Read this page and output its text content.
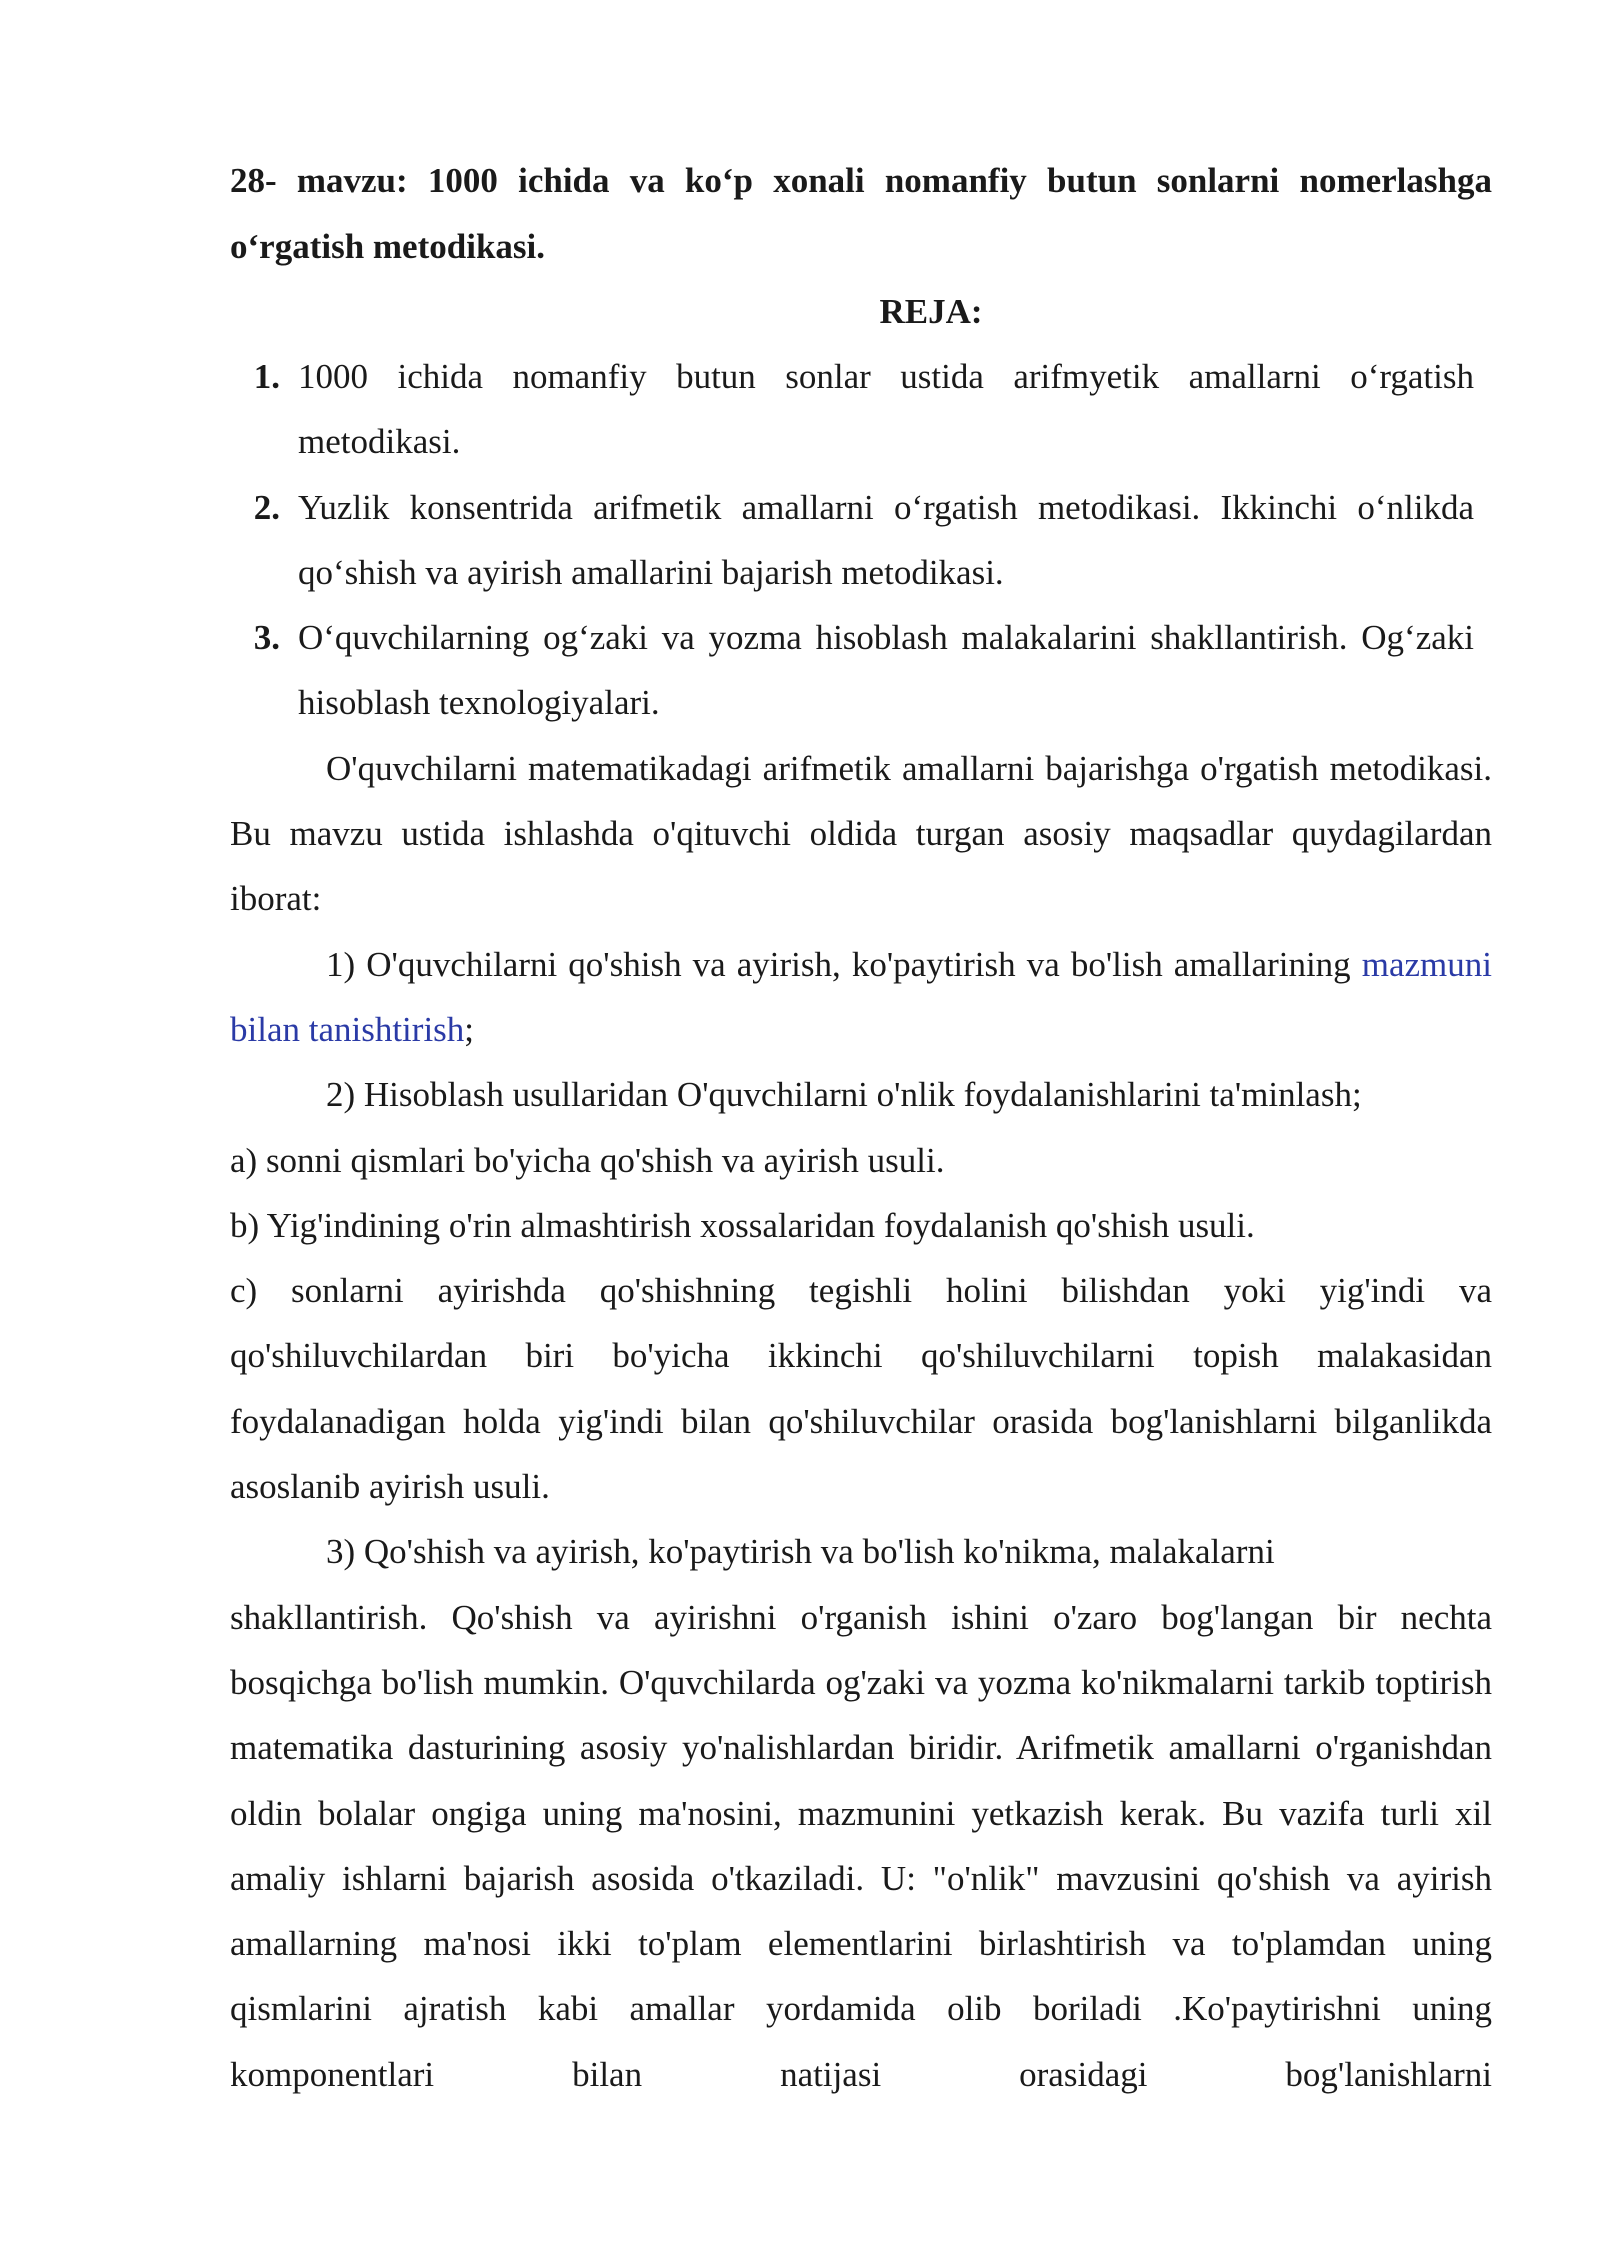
28- mavzu: 1000 ichida va ko‘p xonali nomanfiy butun sonlarni nomerlashga o‘rgatish metodikasi.

REJA:

1. 1000 ichida nomanfiy butun sonlar ustida arifmyetik amallarni o‘rgatish metodikasi.
2. Yuzlik konsentrida arifmetik amallarni o‘rgatish metodikasi. Ikkinchi o‘nlikda qo‘shish va ayirish amallarini bajarish metodikasi.
3. O‘quvchilarning og‘zaki va yozma hisoblash malakalarini shakllantirish. Og‘zaki hisoblash texnologiyalari.

O'quvchilarni matematikadagi arifmetik amallarni bajarishga o'rgatish metodikasi. Bu mavzu ustida ishlashda o'qituvchi oldida turgan asosiy maqsadlar quydagilardan iborat:

1) O'quvchilarni qo'shish va ayirish, ko'paytirish va bo'lish amallarining mazmuni bilan tanishtirish;

2) Hisoblash usullaridan O'quvchilarni o'nlik foydalanishlarini ta'minlash;

a) sonni qismlari bo'yicha qo'shish va ayirish usuli.

b) Yig'indining o'rin almashtirish xossalaridan foydalanish qo'shish usuli.

c) sonlarni ayirishda qo'shishning tegishli holini bilishdan yoki yig'indi va qo'shiluvchilardan biri bo'yicha ikkinchi qo'shiluvchilarni topish malakasidan foydalanadigan holda yig'indi bilan qo'shiluvchilar orasida bog'lanishlarni bilganlikda asoslanib ayirish usuli.

3) Qo'shish va ayirish, ko'paytirish va bo'lish ko'nikma, malakalarni

shakllantirish. Qo'shish va ayirishni o'rganish ishini o'zaro bog'langan bir nechta bosqichga bo'lish mumkin. O'quvchilarda og'zaki va yozma ko'nikmalarni tarkib toptirish matematika dasturining asosiy yo'nalishlardan biridir. Arifmetik amallarni o'rganishdan oldin bolalar ongiga uning ma'nosini, mazmunini yetkazish kerak. Bu vazifa turli xil amaliy ishlarni bajarish asosida o'tkaziladi. U: "o'nlik" mavzusini qo'shish va ayirish amallarning ma'nosi ikki to'plam elementlarini birlashtirish va to'plamdan uning qismlarini ajratish kabi amallar yordamida olib boriladi .Ko'paytirishni uning komponentlari bilan natijasi orasidagi bog'lanishlarni
